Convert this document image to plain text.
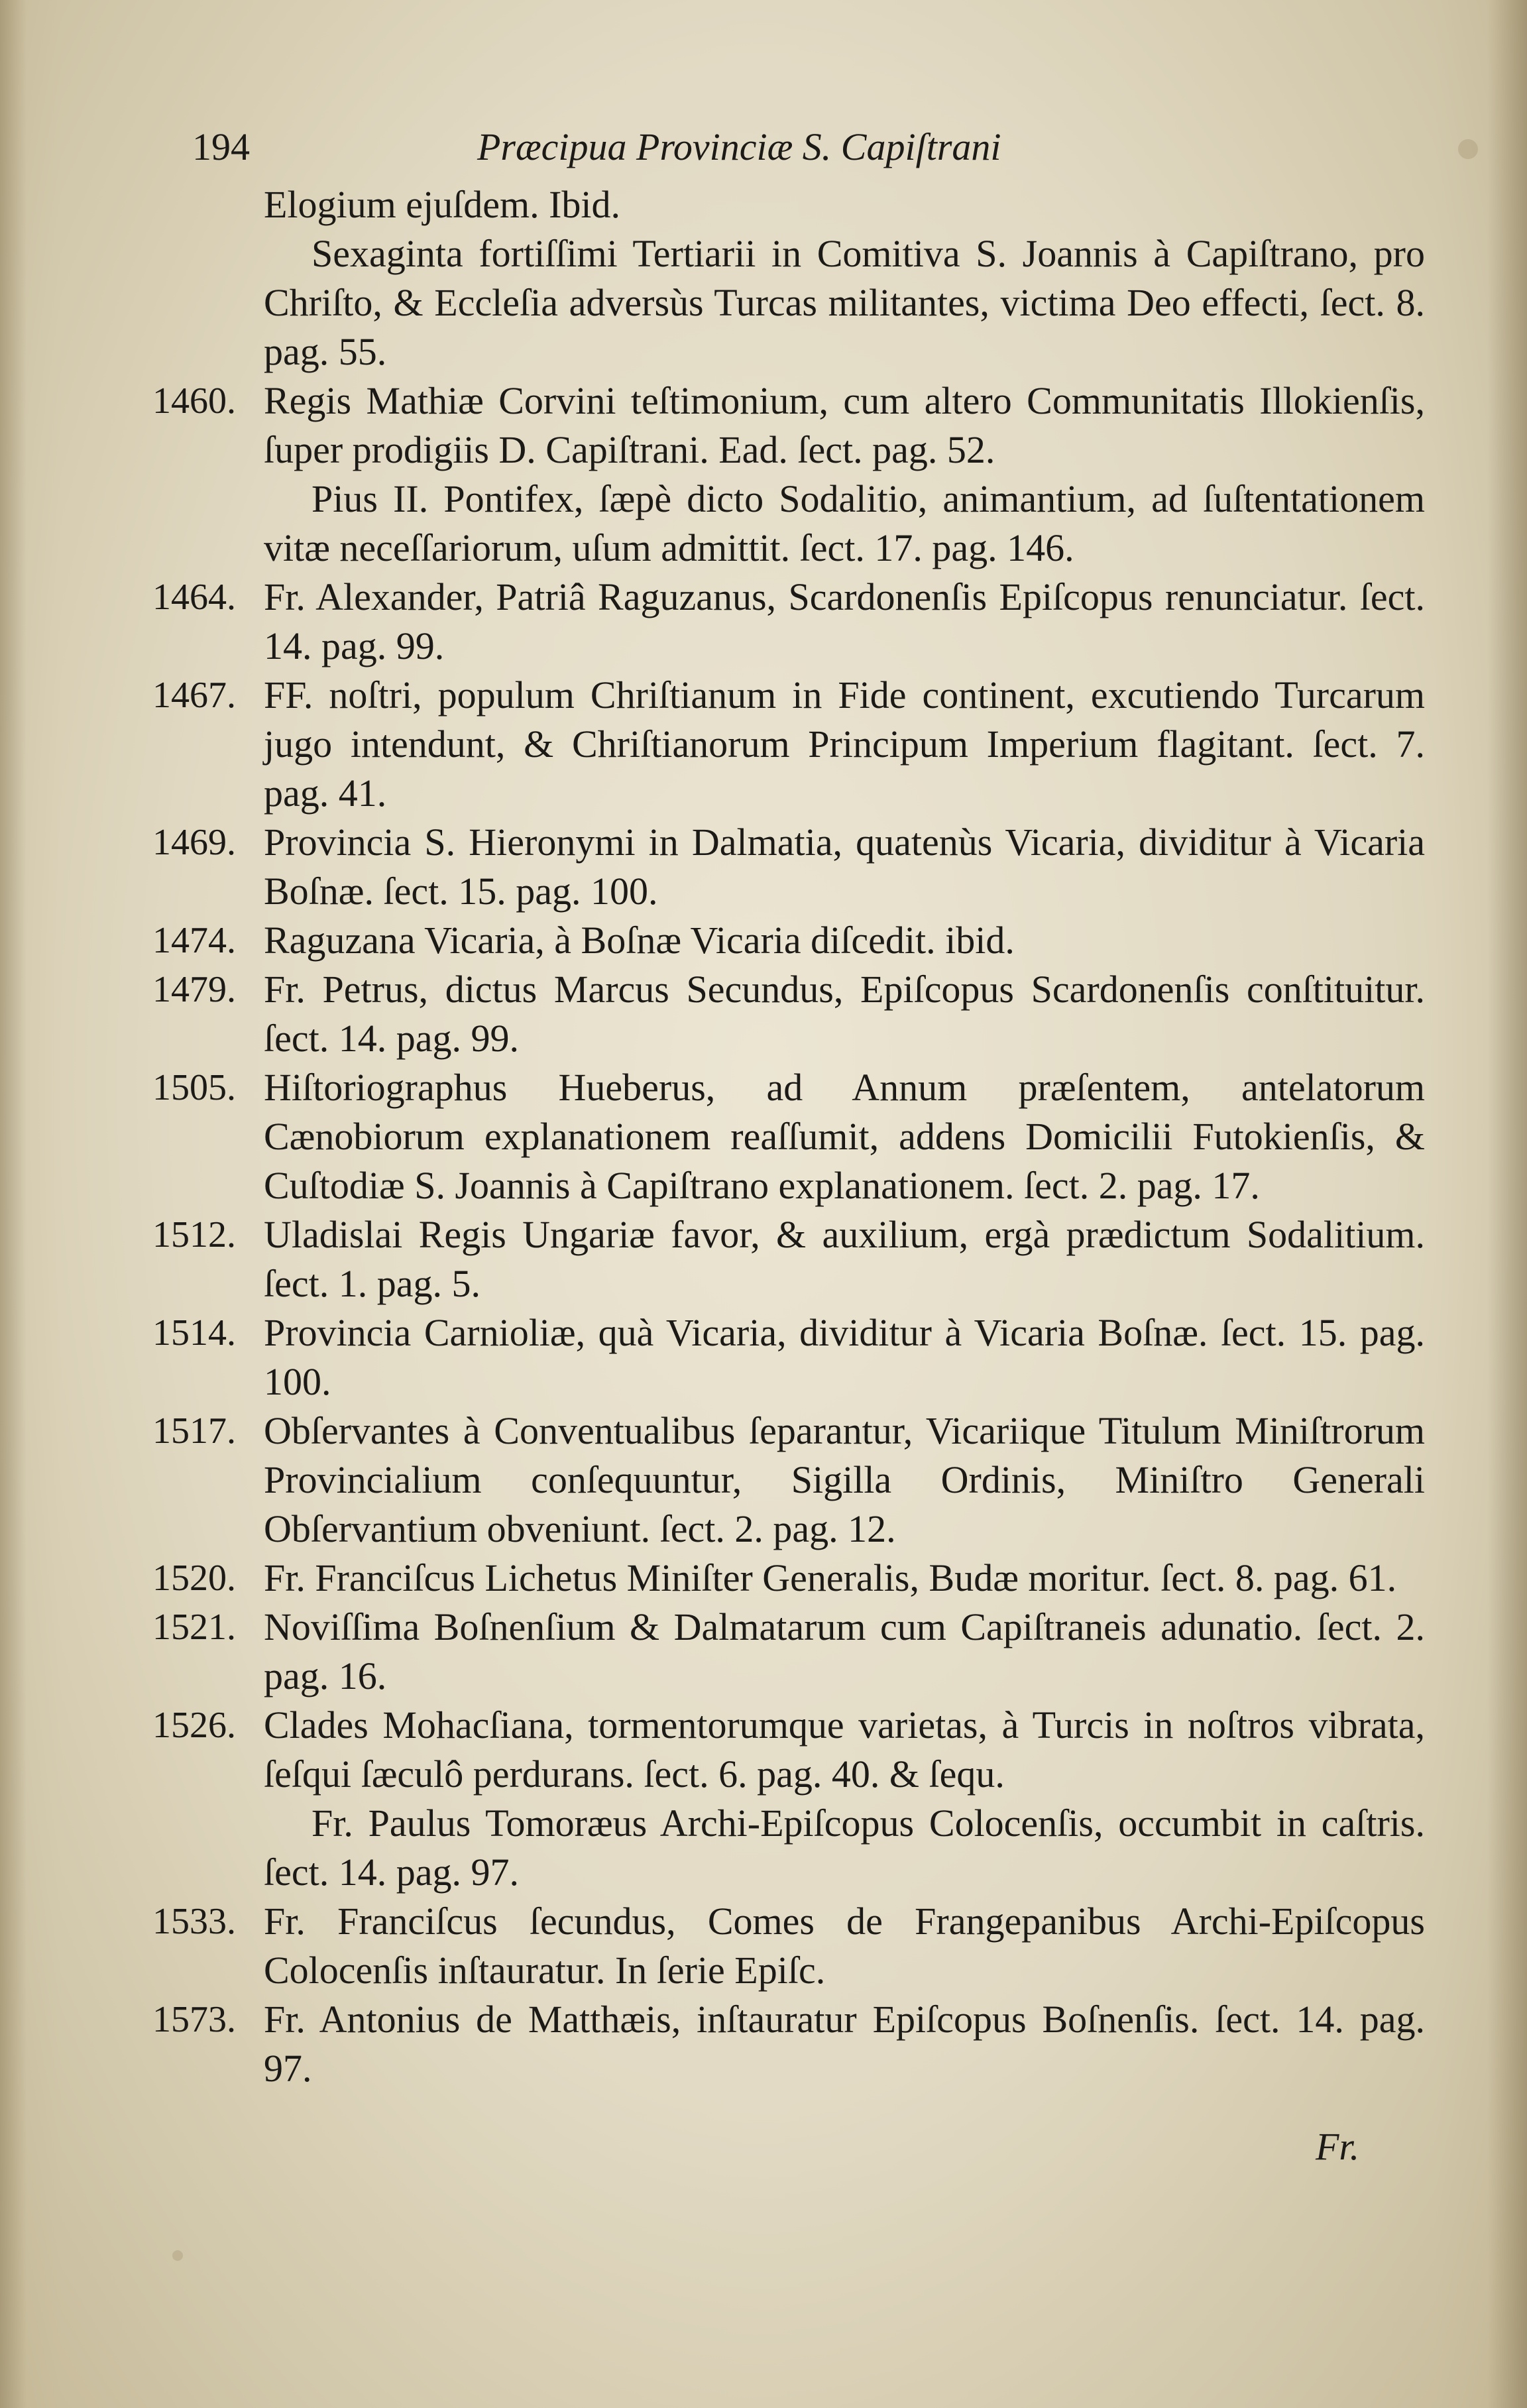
194	Præcipua Provinciæ S. Capiſtrani
Elogium ejuſdem. Ibid.
Sexaginta fortiſſimi Tertiarii in Comitiva S. Joannis à Capiſtrano, pro Chriſto, & Eccleſia adversùs Turcas militantes, victima Deo effecti, ſect. 8. pag. 55.
1460. Regis Mathiæ Corvini teſtimonium, cum altero Communitatis Illokienſis, ſuper prodigiis D. Capiſtrani. Ead. ſect. pag. 52.
Pius II. Pontifex, ſæpè dicto Sodalitio, animantium, ad ſuſtentationem vitæ neceſſariorum, uſum admittit. ſect. 17. pag. 146.
1464. Fr. Alexander, Patriâ Raguzanus, Scardonenſis Epiſcopus renunciatur. ſect. 14. pag. 99.
1467. FF. noſtri, populum Chriſtianum in Fide continent, excutiendo Turcarum jugo intendunt, & Chriſtianorum Principum Imperium flagitant. ſect. 7. pag. 41.
1469. Provincia S. Hieronymi in Dalmatia, quatenùs Vicaria, dividitur à Vicaria Boſnæ. ſect. 15. pag. 100.
1474. Raguzana Vicaria, à Boſnæ Vicaria diſcedit. ibid.
1479. Fr. Petrus, dictus Marcus Secundus, Epiſcopus Scardonenſis conſtituitur. ſect. 14. pag. 99.
1505. Hiſtoriographus Hueberus, ad Annum præſentem, antelatorum Cænobiorum explanationem reaſſumit, addens Domicilii Futokienſis, & Cuſtodiæ S. Joannis à Capiſtrano explanationem. ſect. 2. pag. 17.
1512. Uladislai Regis Ungariæ favor, & auxilium, ergà prædictum Sodalitium. ſect. 1. pag. 5.
1514. Provincia Carnioliæ, quà Vicaria, dividitur à Vicaria Boſnæ. ſect. 15. pag. 100.
1517. Obſervantes à Conventualibus ſeparantur, Vicariique Titulum Miniſtrorum Provincialium conſequuntur, Sigilla Ordinis, Miniſtro Generali Obſervantium obveniunt. ſect. 2. pag. 12.
1520. Fr. Franciſcus Lichetus Miniſter Generalis, Budæ moritur. ſect. 8. pag. 61.
1521. Noviſſima Boſnenſium & Dalmatarum cum Capiſtraneis adunatio. ſect. 2. pag. 16.
1526. Clades Mohacſiana, tormentorumque varietas, à Turcis in noſtros vibrata, ſeſqui ſæculô perdurans. ſect. 6. pag. 40. & ſequ.
Fr. Paulus Tomoræus Archi-Epiſcopus Colocenſis, occumbit in caſtris. ſect. 14. pag. 97.
1533. Fr. Franciſcus ſecundus, Comes de Frangepanibus Archi-Epiſcopus Colocenſis inſtauratur. In ſerie Epiſc.
1573. Fr. Antonius de Matthæis, inſtauratur Epiſcopus Boſnenſis. ſect. 14. pag. 97.
Fr.
